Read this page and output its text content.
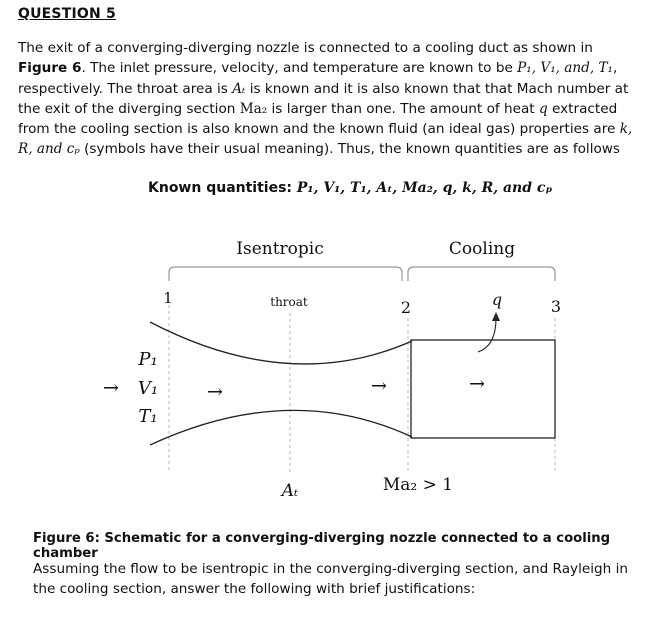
QUESTION 5

The exit of a converging-diverging nozzle is connected to a cooling duct as shown in Figure 6. The inlet pressure, velocity, and temperature are known to be P₁, V₁, and, T₁, respectively. The throat area is Aₜ is known and it is also known that that Mach number at the exit of the diverging section Ma₂ is larger than one. The amount of heat q extracted from the cooling section is also known and the known fluid (an ideal gas) properties are k, R, and cₚ (symbols have their usual meaning). Thus, the known quantities are as follows

Known quantities: P₁, V₁, T₁, Aₜ, Ma₂, q, k, R, and cₚ
Isentropic	Cooling
1	throat	2	q	3
P₁
→ V₁
T₁
→	→	→
Aₜ	Ma₂ > 1
Figure 6: Schematic for a converging-diverging nozzle connected to a cooling chamber
Assuming the flow to be isentropic in the converging-diverging section, and Rayleigh in the cooling section, answer the following with brief justifications:
